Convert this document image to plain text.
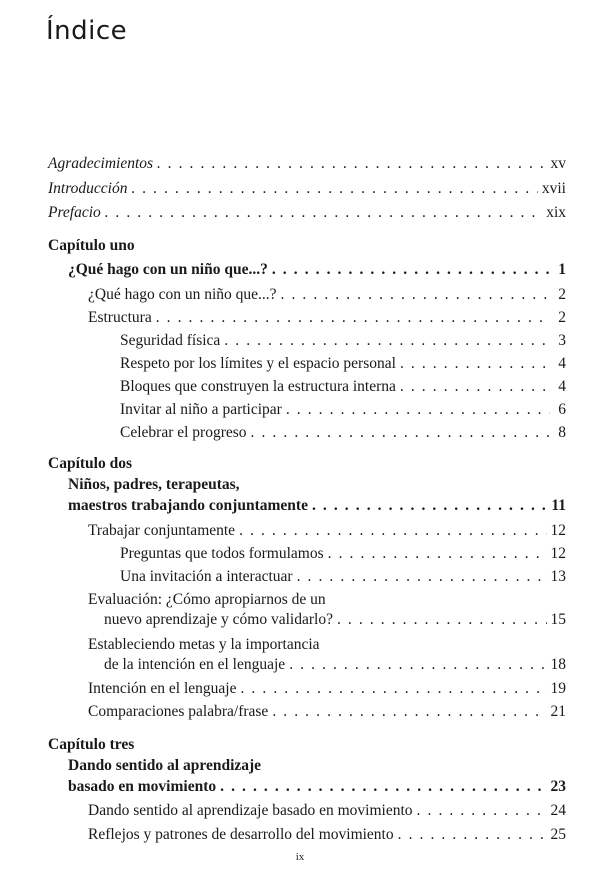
Índice
Agradecimientos . . .	xv
Introducción . . .	xvii
Prefacio . . .	xix
Capítulo uno
¿Qué hago con un niño que...? . . .	1
¿Qué hago con un niño que...? . . .	2
Estructura . . .	2
Seguridad física . . .	3
Respeto por los límites y el espacio personal . . .	4
Bloques que construyen la estructura interna . . .	4
Invitar al niño a participar . . .	6
Celebrar el progreso . . .	8
Capítulo dos
Niños, padres, terapeutas,
maestros trabajando conjuntamente . . .	11
Trabajar conjuntamente . . .	12
Preguntas que todos formulamos . . .	12
Una invitación a interactuar . . .	13
Evaluación: ¿Cómo apropiarnos de un
nuevo aprendizaje y cómo validarlo? . . .	15
Estableciendo metas y la importancia
de la intención en el lenguaje . . .	18
Intención en el lenguaje . . .	19
Comparaciones palabra/frase . . .	21
Capítulo tres
Dando sentido al aprendizaje
basado en movimiento . . .	23
Dando sentido al aprendizaje basado en movimiento . . .	24
Reflejos y patrones de desarrollo del movimiento . . .	25
ix
